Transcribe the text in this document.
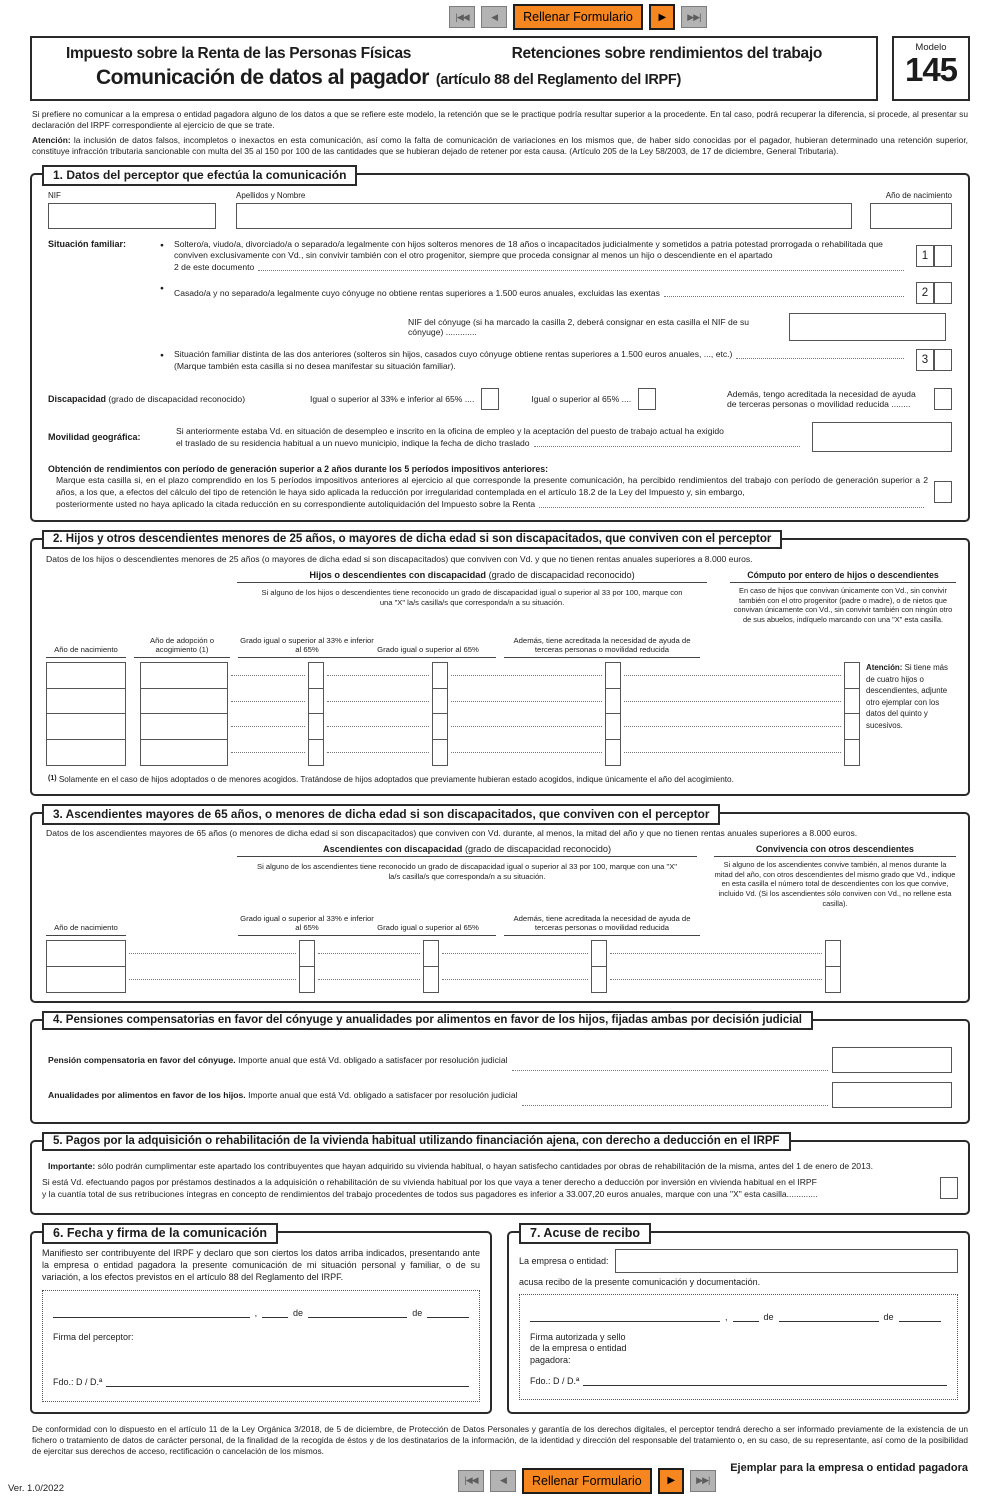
|◀◀ ◀ Rellenar Formulario	▶ ▶▶|
Impuesto sobre la Renta de las Personas Físicas	Retenciones sobre rendimientos del trabajo
Comunicación de datos al pagador (artículo 88 del Reglamento del IRPF)
Modelo
145

Si prefiere no comunicar a la empresa o entidad pagadora alguno de los datos a que se refiere este modelo, la retención que se le practique podría resultar superior a la procedente. En tal caso, podrá recuperar la diferencia, si procede, al presentar su declaración del IRPF correspondiente al ejercicio de que se trate.

Atención: la inclusión de datos falsos, incompletos o inexactos en esta comunicación, así como la falta de comunicación de variaciones en los mismos que, de haber sido conocidas por el pagador, hubieran determinado una retención superior, constituye infracción tributaria sancionable con multa del 35 al 150 por 100 de las cantidades que se hubieran dejado de retener por esta causa. (Artículo 205 de la Ley 58/2003, de 17 de diciembre, General Tributaria).

1. Datos del perceptor que efectúa la comunicación
NIF	Apellidos y Nombre	Año de nacimiento
Situación familiar: ●	Soltero/a, viudo/a, divorciado/a o separado/a legalmente con hijos solteros menores de 18 años o incapacitados judicialmente y sometidos a patria potestad prorrogada o rehabilitada que conviven exclusivamente con Vd., sin convivir también con el otro progenitor, siempre que proceda consignar al menos un hijo o descendiente en el apartado
2 de este documento
1
●
Casado/a y no separado/a legalmente cuyo cónyuge no obtiene rentas superiores a 1.500 euros anuales, excluidas las exentas	2
NIF del cónyuge (si ha marcado la casilla 2, deberá consignar en esta casilla el NIF de su cónyuge) .............
●
Situación familiar distinta de las dos anteriores (solteros sin hijos, casados cuyo cónyuge obtiene rentas superiores a 1.500 euros anuales, ..., etc.)
(Marque también esta casilla si no desea manifestar su situación familiar).	3
Discapacidad (grado de discapacidad reconocido)	Igual o superior al 33% e inferior al 65% ....	Igual o superior al 65% ....	Además, tengo acreditada la necesidad de ayuda
de terceras personas o movilidad reducida ........
Movilidad geográfica:
Si anteriormente estaba Vd. en situación de desempleo e inscrito en la oficina de empleo y la aceptación del puesto de trabajo actual ha exigido
el traslado de su residencia habitual a un nuevo municipio, indique la fecha de dicho traslado
Obtención de rendimientos con período de generación superior a 2 años durante los 5 períodos impositivos anteriores:
Marque esta casilla si, en el plazo comprendido en los 5 períodos impositivos anteriores al ejercicio al que corresponde la presente comunicación, ha percibido rendimientos del trabajo con período de generación superior a 2 años, a los que, a efectos del cálculo del tipo de retención le haya sido aplicada la reducción por irregularidad contemplada en el artículo 18.2 de la Ley del Impuesto y, sin embargo,
posteriormente usted no haya aplicado la citada reducción en su correspondiente autoliquidación del Impuesto sobre la Renta
2. Hijos y otros descendientes menores de 25 años, o mayores de dicha edad si son discapacitados, que conviven con el perceptor
Datos de los hijos o descendientes menores de 25 años (o mayores de dicha edad si son discapacitados) que conviven con Vd. y que no tienen rentas anuales superiores a 8.000 euros.
Hijos o descendientes con discapacidad (grado de discapacidad reconocido)
Si alguno de los hijos o descendientes tiene reconocido un grado de discapacidad igual o superior al 33 por 100, marque con una "X" la/s casilla/s que corresponda/n a su situación.
Cómputo por entero de hijos o descendientes
En caso de hijos que convivan únicamente con Vd., sin convivir también con el otro progenitor (padre o madre), o de nietos que convivan únicamente con Vd., sin convivir también con ningún otro de sus abuelos, indíquelo marcando con una "X" esta casilla.
Año de nacimiento
Año de adopción o acogimiento (1)
Grado igual o superior al 33% e inferior al 65%	Grado igual o superior al 65%
Además, tiene acreditada la necesidad de ayuda de terceras personas o movilidad reducida
Atención: Si tiene más de cuatro hijos o descendientes, adjunte otro ejemplar con los datos del quinto y sucesivos.
(1) Solamente en el caso de hijos adoptados o de menores acogidos. Tratándose de hijos adoptados que previamente hubieran estado acogidos, indique únicamente el año del acogimiento.
3. Ascendientes mayores de 65 años, o menores de dicha edad si son discapacitados, que conviven con el perceptor
Datos de los ascendientes mayores de 65 años (o menores de dicha edad si son discapacitados) que conviven con Vd. durante, al menos, la mitad del año y que no tienen rentas anuales superiores a 8.000 euros.
Ascendientes con discapacidad (grado de discapacidad reconocido)
Si alguno de los ascendientes tiene reconocido un grado de discapacidad igual o superior al 33 por 100, marque con una "X" la/s casilla/s que corresponda/n a su situación.
Convivencia con otros descendientes
Si alguno de los ascendientes convive también, al menos durante la mitad del año, con otros descendientes del mismo grado que Vd., indique en esta casilla el número total de descendientes con los que convive, incluido Vd. (Si los ascendientes sólo conviven con Vd., no rellene esta casilla).
Año de nacimiento
Grado igual o superior al 33% e inferior al 65%	Grado igual o superior al 65%
Además, tiene acreditada la necesidad de ayuda de terceras personas o movilidad reducida
4. Pensiones compensatorias en favor del cónyuge y anualidades por alimentos en favor de los hijos, fijadas ambas por decisión judicial
Pensión compensatoria en favor del cónyuge. Importe anual que está Vd. obligado a satisfacer por resolución judicial
Anualidades por alimentos en favor de los hijos. Importe anual que está Vd. obligado a satisfacer por resolución judicial
5. Pagos por la adquisición o rehabilitación de la vivienda habitual utilizando financiación ajena, con derecho a deducción en el IRPF
Importante: sólo podrán cumplimentar este apartado los contribuyentes que hayan adquirido su vivienda habitual, o hayan satisfecho cantidades por obras de rehabilitación de la misma, antes del 1 de enero de 2013.
Si está Vd. efectuando pagos por préstamos destinados a la adquisición o rehabilitación de su vivienda habitual por los que vaya a tener derecho a deducción por inversión en vivienda habitual en el IRPF
y la cuantía total de sus retribuciones íntegras en concepto de rendimientos del trabajo procedentes de todos sus pagadores es inferior a 33.007,20 euros anuales, marque con una "X" esta casilla.............
6. Fecha y firma de la comunicación
Manifiesto ser contribuyente del IRPF y declaro que son ciertos los datos arriba indicados, presentando ante la empresa o entidad pagadora la presente comunicación de mi situación personal y familiar, o de su variación, a los efectos previstos en el artículo 88 del Reglamento del IRPF.
,	de	de
Firma del perceptor:
Fdo.: D / D.ª
7. Acuse de recibo
La empresa o entidad:
acusa recibo de la presente comunicación y documentación.
,	de	de
Firma autorizada y sello
de la empresa o entidad
pagadora:
Fdo.: D / D.ª
De conformidad con lo dispuesto en el artículo 11 de la Ley Orgánica 3/2018, de 5 de diciembre, de Protección de Datos Personales y garantía de los derechos digitales, el perceptor tendrá derecho a ser informado previamente de la existencia de un fichero o tratamiento de datos de carácter personal, de la finalidad de la recogida de éstos y de los destinatarios de la información, de la identidad y dirección del responsable del tratamiento o, en su caso, de su representante, así como de la posibilidad de ejercitar sus derechos de acceso, rectificación o cancelación de los mismos.
Ejemplar para la empresa o entidad pagadora
Ver. 1.0/2022
|◀◀ ◀ Rellenar Formulario	▶ ▶▶|
